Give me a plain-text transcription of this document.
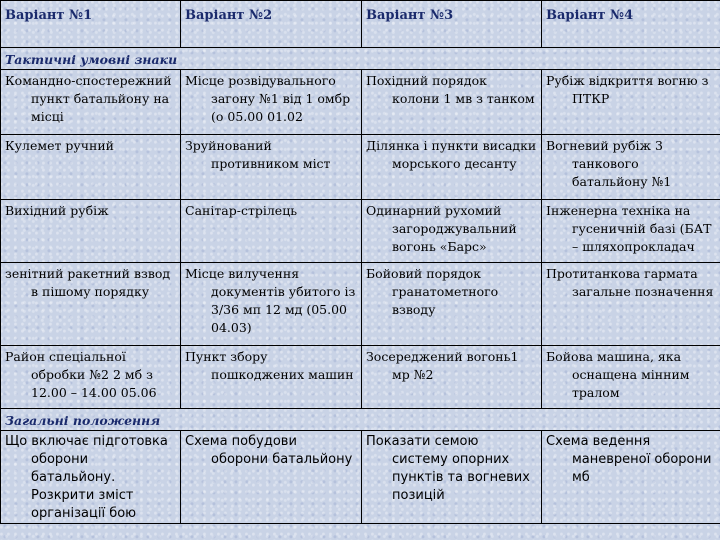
Варіант №1	Варіант №2	Варіант №3	Варіант №4
Тактичні умовні знаки			

Командно-спостережний пункт батальйону на місці	Місце розвідувального загону №1 від 1 омбр (о 05.00 01.02	Похідний порядок колони 1 мв з танком	Рубіж відкриття вогню з ПТКР

Кулемет ручний	Зруйнований противником міст	Ділянка і пункти висадки морського десанту	Вогневий рубіж 3 танкового батальйону №1

Вихідний рубіж	Санітар-стрілець	Одинарний рухомий загороджувальний вогонь «Барс»	Інженерна техніка на гусеничній базі (БАТ – шляхопрокладач

зенітний ракетний взвод в пішому порядку	Місце вилучення документів убитого із 3/36 мп 12 мд (05.00 04.03)	Бойовий порядок гранатометного взводу	Протитанкова гармата загальне позначення

Район спеціальної обробки №2 2 мб з 12.00 – 14.00 05.06	Пункт збору пошкоджених машин	Зосереджений вогонь1 мр №2	Бойова машина, яка оснащена мінним тралом

Загальні положення			

Що включає підготовка оборони батальйону. Розкрити зміст організації бою	Схема побудови оборони батальйону	Показати семою систему опорних пунктів та вогневих позицій	Схема ведення маневреної оборони мб
